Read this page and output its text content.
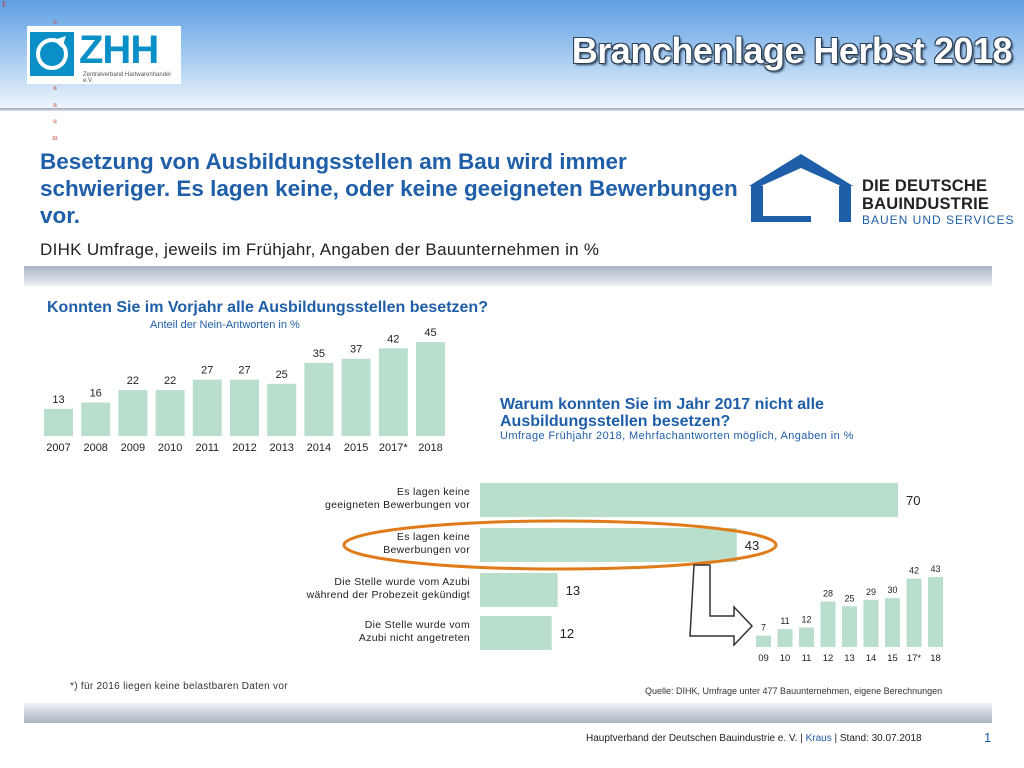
F
o
n
n
u
m
ZHH
Zentralverband Hartwarenhandel e.V.
Branchenlage Herbst 2018
Besetzung von Ausbildungsstellen am Bau wird immer schwieriger. Es lagen keine, oder keine geeigneten Bewerbungen vor.
DIHK Umfrage, jeweils im Frühjahr, Angaben der Bauunternehmen in %
DIE DEUTSCHE
BAUINDUSTRIE
BAUEN UND SERVICES
Konnten Sie im Vorjahr alle Ausbildungsstellen besetzen?
Anteil der Nein-Antworten in %
Warum konnten Sie im Jahr 2017 nicht alle Ausbildungsstellen besetzen?
Umfrage Frühjahr 2018, Mehrfachantworten möglich, Angaben in %
13
2007
16
2008
22
2009
22
2010
27
2011
27
2012
25
2013
35
2014
37
2015
42
2017*
45
2018
70
Es lagen keine
geeigneten Bewerbungen vor
43
Es lagen keine
Bewerbungen vor
13
Die Stelle wurde vom Azubi
während der Probezeit gekündigt
12
Die Stelle wurde vom
Azubi nicht angetreten
7
09
11
10
12
11
28
12
25
13
29
14
30
15
42
17*
43
18
*) für 2016 liegen keine belastbaren Daten vor	Quelle: DIHK, Umfrage unter 477 Bauunternehmen, eigene Berechnungen
Hauptverband der Deutschen Bauindustrie e. V. | Kraus | Stand: 30.07.2018	1
